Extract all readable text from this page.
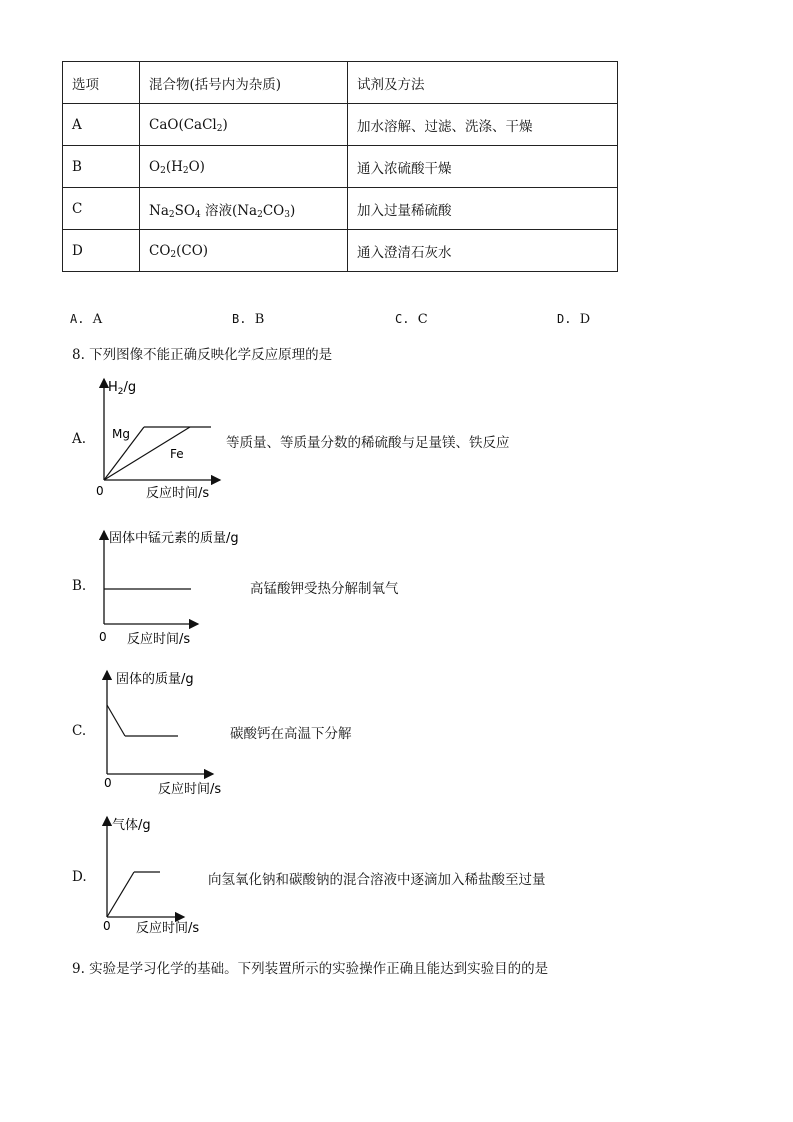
选项	混合物(括号内为杂质)	试剂及方法
A	CaO(CaCl$_2$)	加水溶解、过滤、洗涤、干燥
B	$O_2(H_2O)$	通入浓硫酸干燥
C	$Na_2SO_4$ 溶液$(Na_2CO_3)$	加入过量稀硫酸
D	$CO_2(CO)$	通入澄清石灰水
A. A	B. B	C. C	D. D
8. 下列图像不能正确反映化学反应原理的是
A.
$H_2/g$
Mg
Fe
0	反应时间/s
等质量、等质量分数的稀硫酸与足量镁、铁反应
B.
固体中锰元素的质量/g
0 反应时间/s
高锰酸钾受热分解制氧气
C.
固体的质量/g
0	反应时间/s
碳酸钙在高温下分解
D.
气体/g
0 反应时间/s
向氢氧化钠和碳酸钠的混合溶液中逐滴加入稀盐酸至过量
9. 实验是学习化学的基础。下列装置所示的实验操作正确且能达到实验目的的是
